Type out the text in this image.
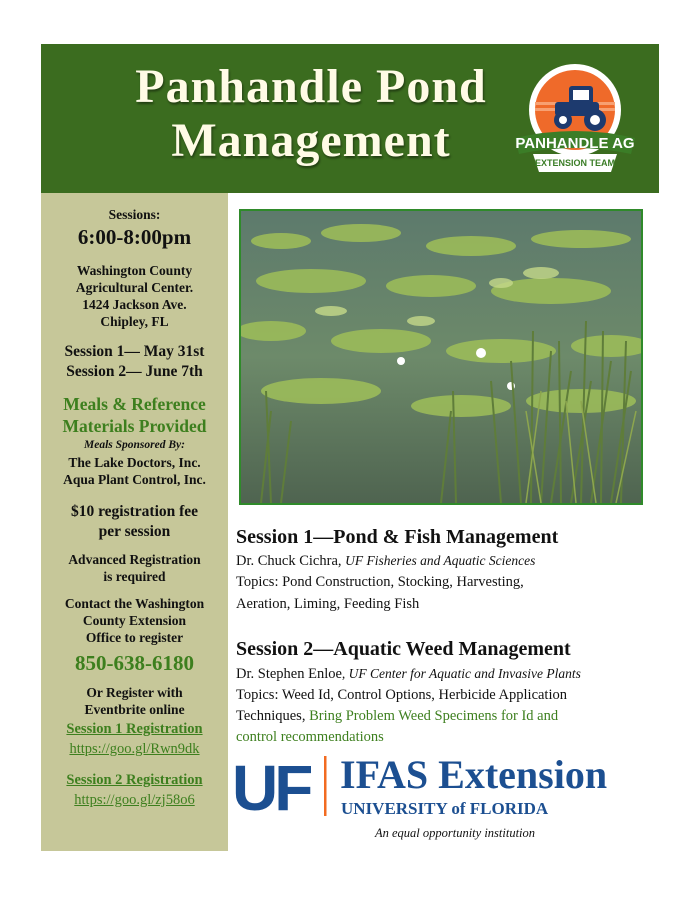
Panhandle Pond
Management	PANHANDLE AG
EXTENSION TEAM
Sessions:
6:00-8:00pm
Washington County
Agricultural Center.
1424 Jackson Ave.
Chipley, FL
Session 1— May 31st
Session 2— June 7th
Meals & Reference
Materials Provided
Meals Sponsored By:
The Lake Doctors, Inc.
Aqua Plant Control, Inc.
$10 registration fee
per session
Advanced Registration
is required
Contact the Washington
County Extension
Office to register
850-638-6180
Or Register with
Eventbrite online
Session 1 Registration
https://goo.gl/Rwn9dk
Session 2 Registration
https://goo.gl/zj58o6
Session 1—Pond & Fish Management
Dr. Chuck Cichra, UF Fisheries and Aquatic Sciences
Topics: Pond Construction, Stocking, Harvesting,
Aeration, Liming, Feeding Fish
Session 2—Aquatic Weed Management
Dr. Stephen Enloe, UF Center for Aquatic and Invasive Plants
Topics: Weed Id, Control Options, Herbicide Application
Techniques, Bring Problem Weed Specimens for Id and
control recommendations
UF IFAS Extension
UNIVERSITY of FLORIDA
An equal opportunity institution
